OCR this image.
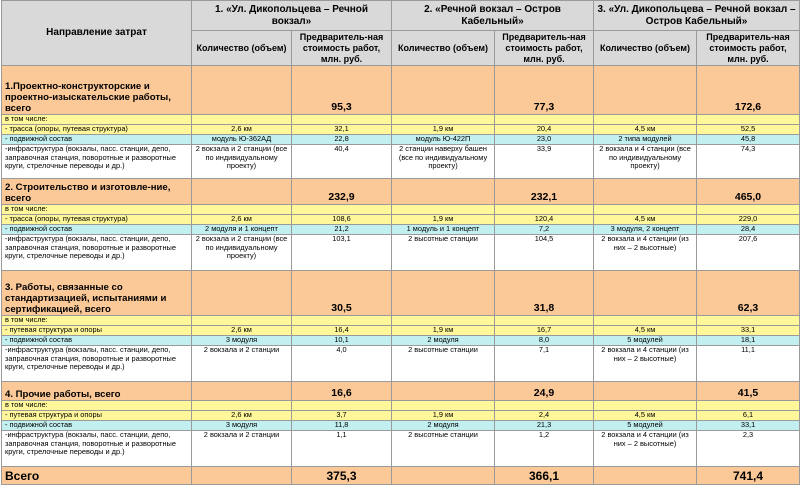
Направление затрат	1. «Ул. Дикопольцева – Речной вокзал»		2. «Речной вокзал – Остров Кабельный»		3. «Ул. Дикопольцева – Речной вокзал – Остров Кабельный»	
	Количество (объем)	Предваритель-ная стоимость работ, млн. руб.	Количество (объем)	Предваритель-ная стоимость работ, млн. руб.	Количество (объем)	Предваритель-ная стоимость работ, млн. руб.
1.Проектно-конструкторские и проектно-изыскательские работы, всего		95,3		77,3		172,6
в том числе:						
- трасса (опоры, путевая структура)	2,6 км	32,1	1,9 км	20,4	4,5 км	52,5
- подвижной состав	модуль Ю-362АД	22,8	модуль Ю-422П	23,0	2 типа модулей	45,8
-инфраструктура (вокзалы, пасс. станции, депо, заправочная станция, поворотные и разворотные круги, стрелочные переводы и др.)	2 вокзала и 2 станции (все по индивидуальному проекту)	40,4	2 станции наверху башен (все по индивидуальному проекту)	33,9	2 вокзала и 4 станции (все по индивидуальному проекту)	74,3
2. Строительство и изготовле-ние, всего		232,9		232,1		465,0
в том числе:						
- трасса (опоры, путевая структура)	2,6 км	108,6	1,9 км	120,4	4,5 км	229,0
- подвижной состав	2 модуля и 1 концепт	21,2	1 модуль и 1 концепт	7,2	3 модуля, 2 концепт	28,4
-инфраструктура (вокзалы, пасс. станции, депо, заправочная станция, поворотные и разворотные круги, стрелочные переводы и др.)	2 вокзала и 2 станции (все по индивидуальному проекту)	103,1	2 высотные станции	104,5	2 вокзала и 4 станции (из них – 2 высотные)	207,6
3. Работы, связанные со стандартизацией, испытаниями и сертификацией, всего		30,5		31,8		62,3
в том числе:						
- путевая структура и опоры	2,6 км	16,4	1,9 км	16,7	4,5 км	33,1
- подвижной состав	3 модуля	10,1	2 модуля	8,0	5 модулей	18,1
-инфраструктура (вокзалы, пасс. станции, депо, заправочная станция, поворотные и разворотные круги, стрелочные переводы и др.)	2 вокзала и 2 станции	4,0	2 высотные станции	7,1	2 вокзала и 4 станции (из них – 2 высотные)	11,1
4. Прочие работы, всего		16,6		24,9		41,5
в том числе:						
- путевая структура и опоры	2,6 км	3,7	1,9 км	2,4	4,5 км	6,1
- подвижной состав	3 модуля	11,8	2 модуля	21,3	5 модулей	33,1
-инфраструктура (вокзалы, пасс. станции, депо, заправочная станция, поворотные и разворотные круги, стрелочные переводы и др.)	2 вокзала и 2 станции	1,1	2 высотные станции	1,2	2 вокзала и 4 станции (из них – 2 высотные)	2,3
Всего		375,3		366,1		741,4
